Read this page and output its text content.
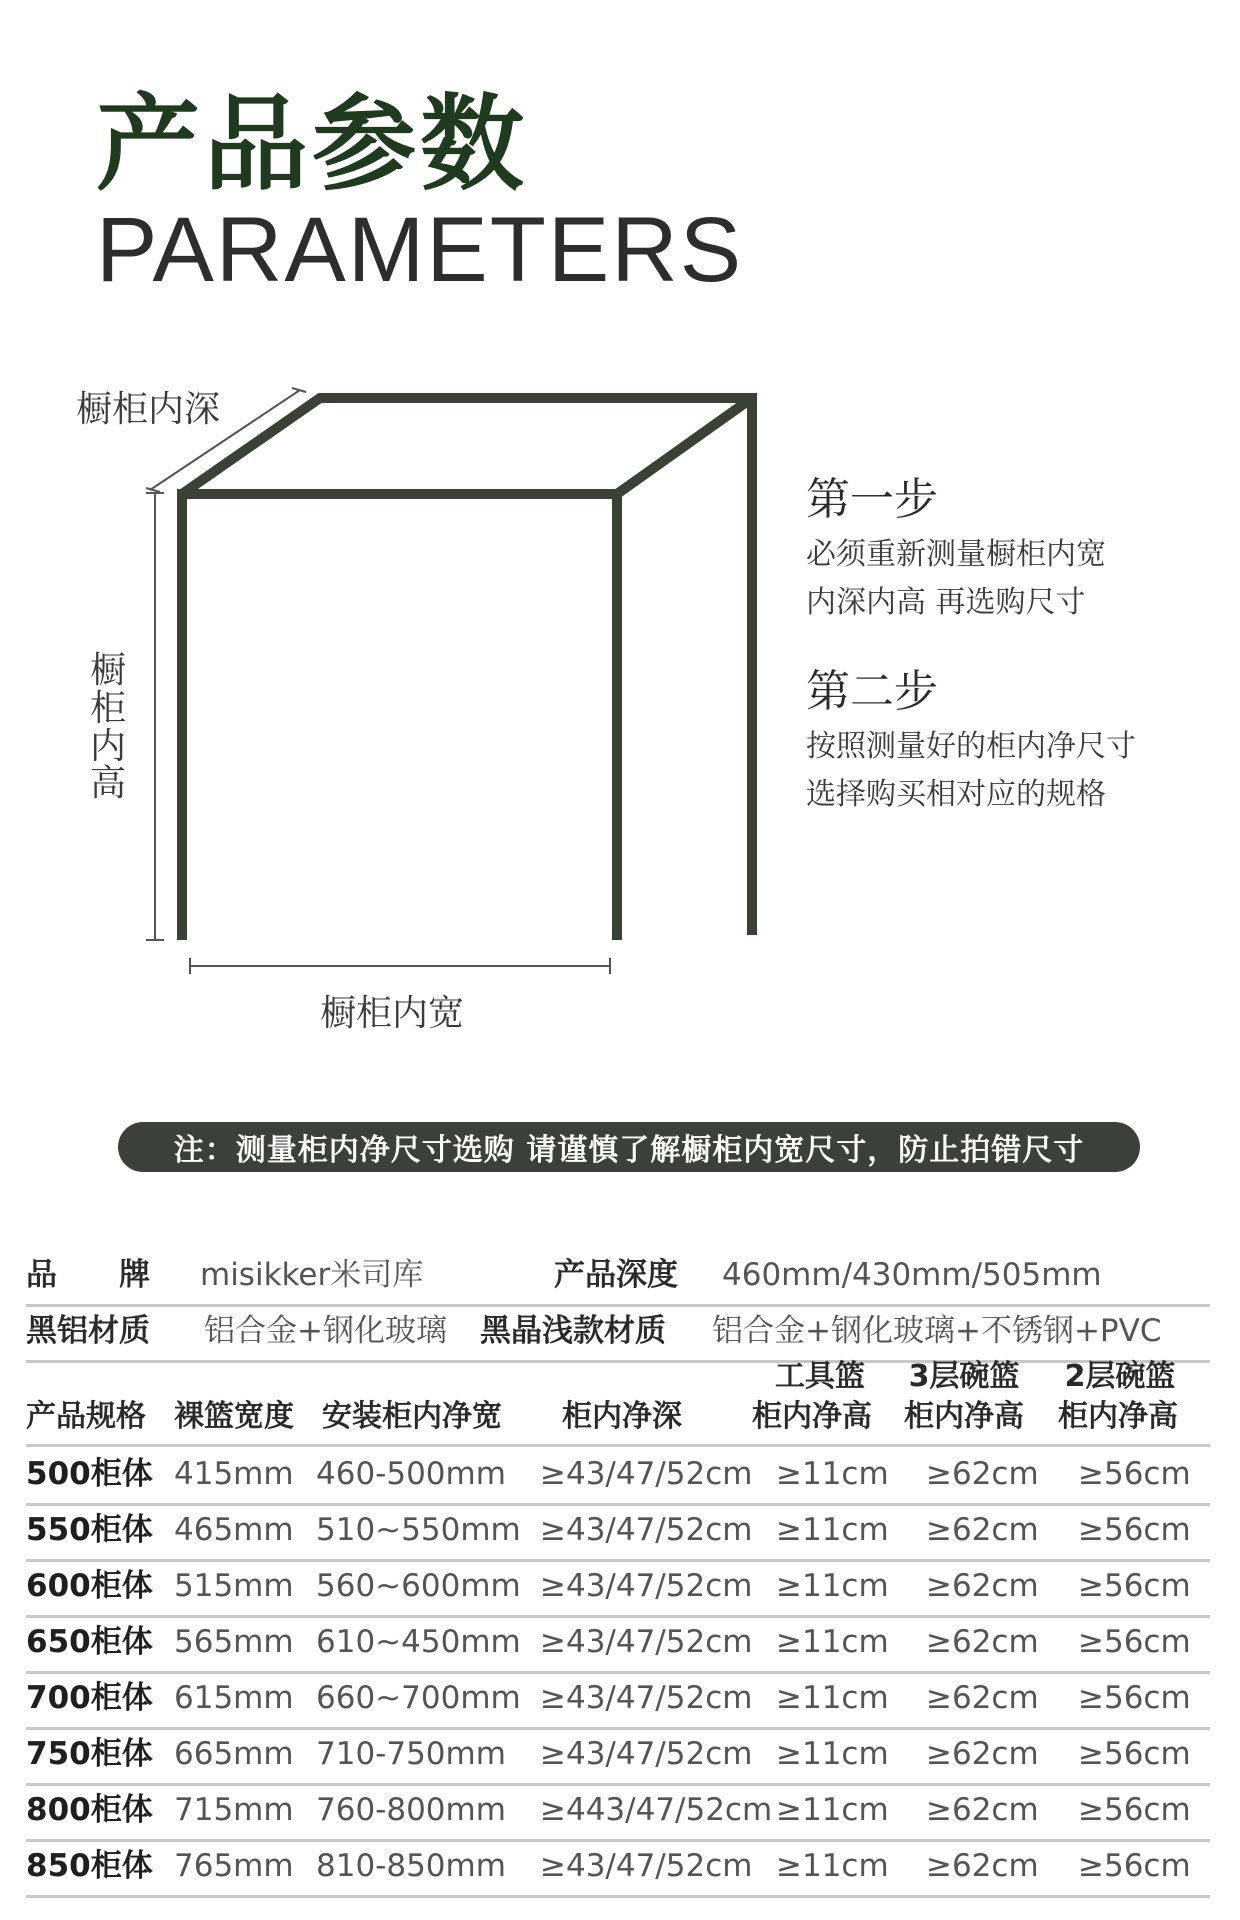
产品参数
PARAMETERS
橱柜内深
橱柜内高
橱柜内宽
第一步
必须重新测量橱柜内宽
内深内高 再选购尺寸
第二步
按照测量好的柜内净尺寸
选择购买相对应的规格
注：测量柜内净尺寸选购 请谨慎了解橱柜内宽尺寸，防止拍错尺寸
品　　牌 misikker米司库	产品深度 460mm/430mm/505mm
黑铝材质 铝合金+钢化玻璃 黑晶浅款材质 铝合金+钢化玻璃+不锈钢+PVC
产品规格 裸篮宽度 安装柜内净宽 柜内净深
工具篮
柜内净高
3层碗篮
柜内净高
2层碗篮
柜内净高
500柜体 415mm 460-500mm ≥43/47/52cm ≥11cm ≥62cm ≥56cm
550柜体 465mm 510~550mm ≥43/47/52cm ≥11cm ≥62cm ≥56cm
600柜体 515mm 560~600mm ≥43/47/52cm ≥11cm ≥62cm ≥56cm
650柜体 565mm 610~450mm ≥43/47/52cm ≥11cm ≥62cm ≥56cm
700柜体 615mm 660~700mm ≥43/47/52cm ≥11cm ≥62cm ≥56cm
750柜体 665mm 710-750mm ≥43/47/52cm ≥11cm ≥62cm ≥56cm
800柜体 715mm 760-800mm ≥443/47/52cm ≥11cm ≥62cm ≥56cm
850柜体 765mm 810-850mm ≥43/47/52cm ≥11cm ≥62cm ≥56cm
